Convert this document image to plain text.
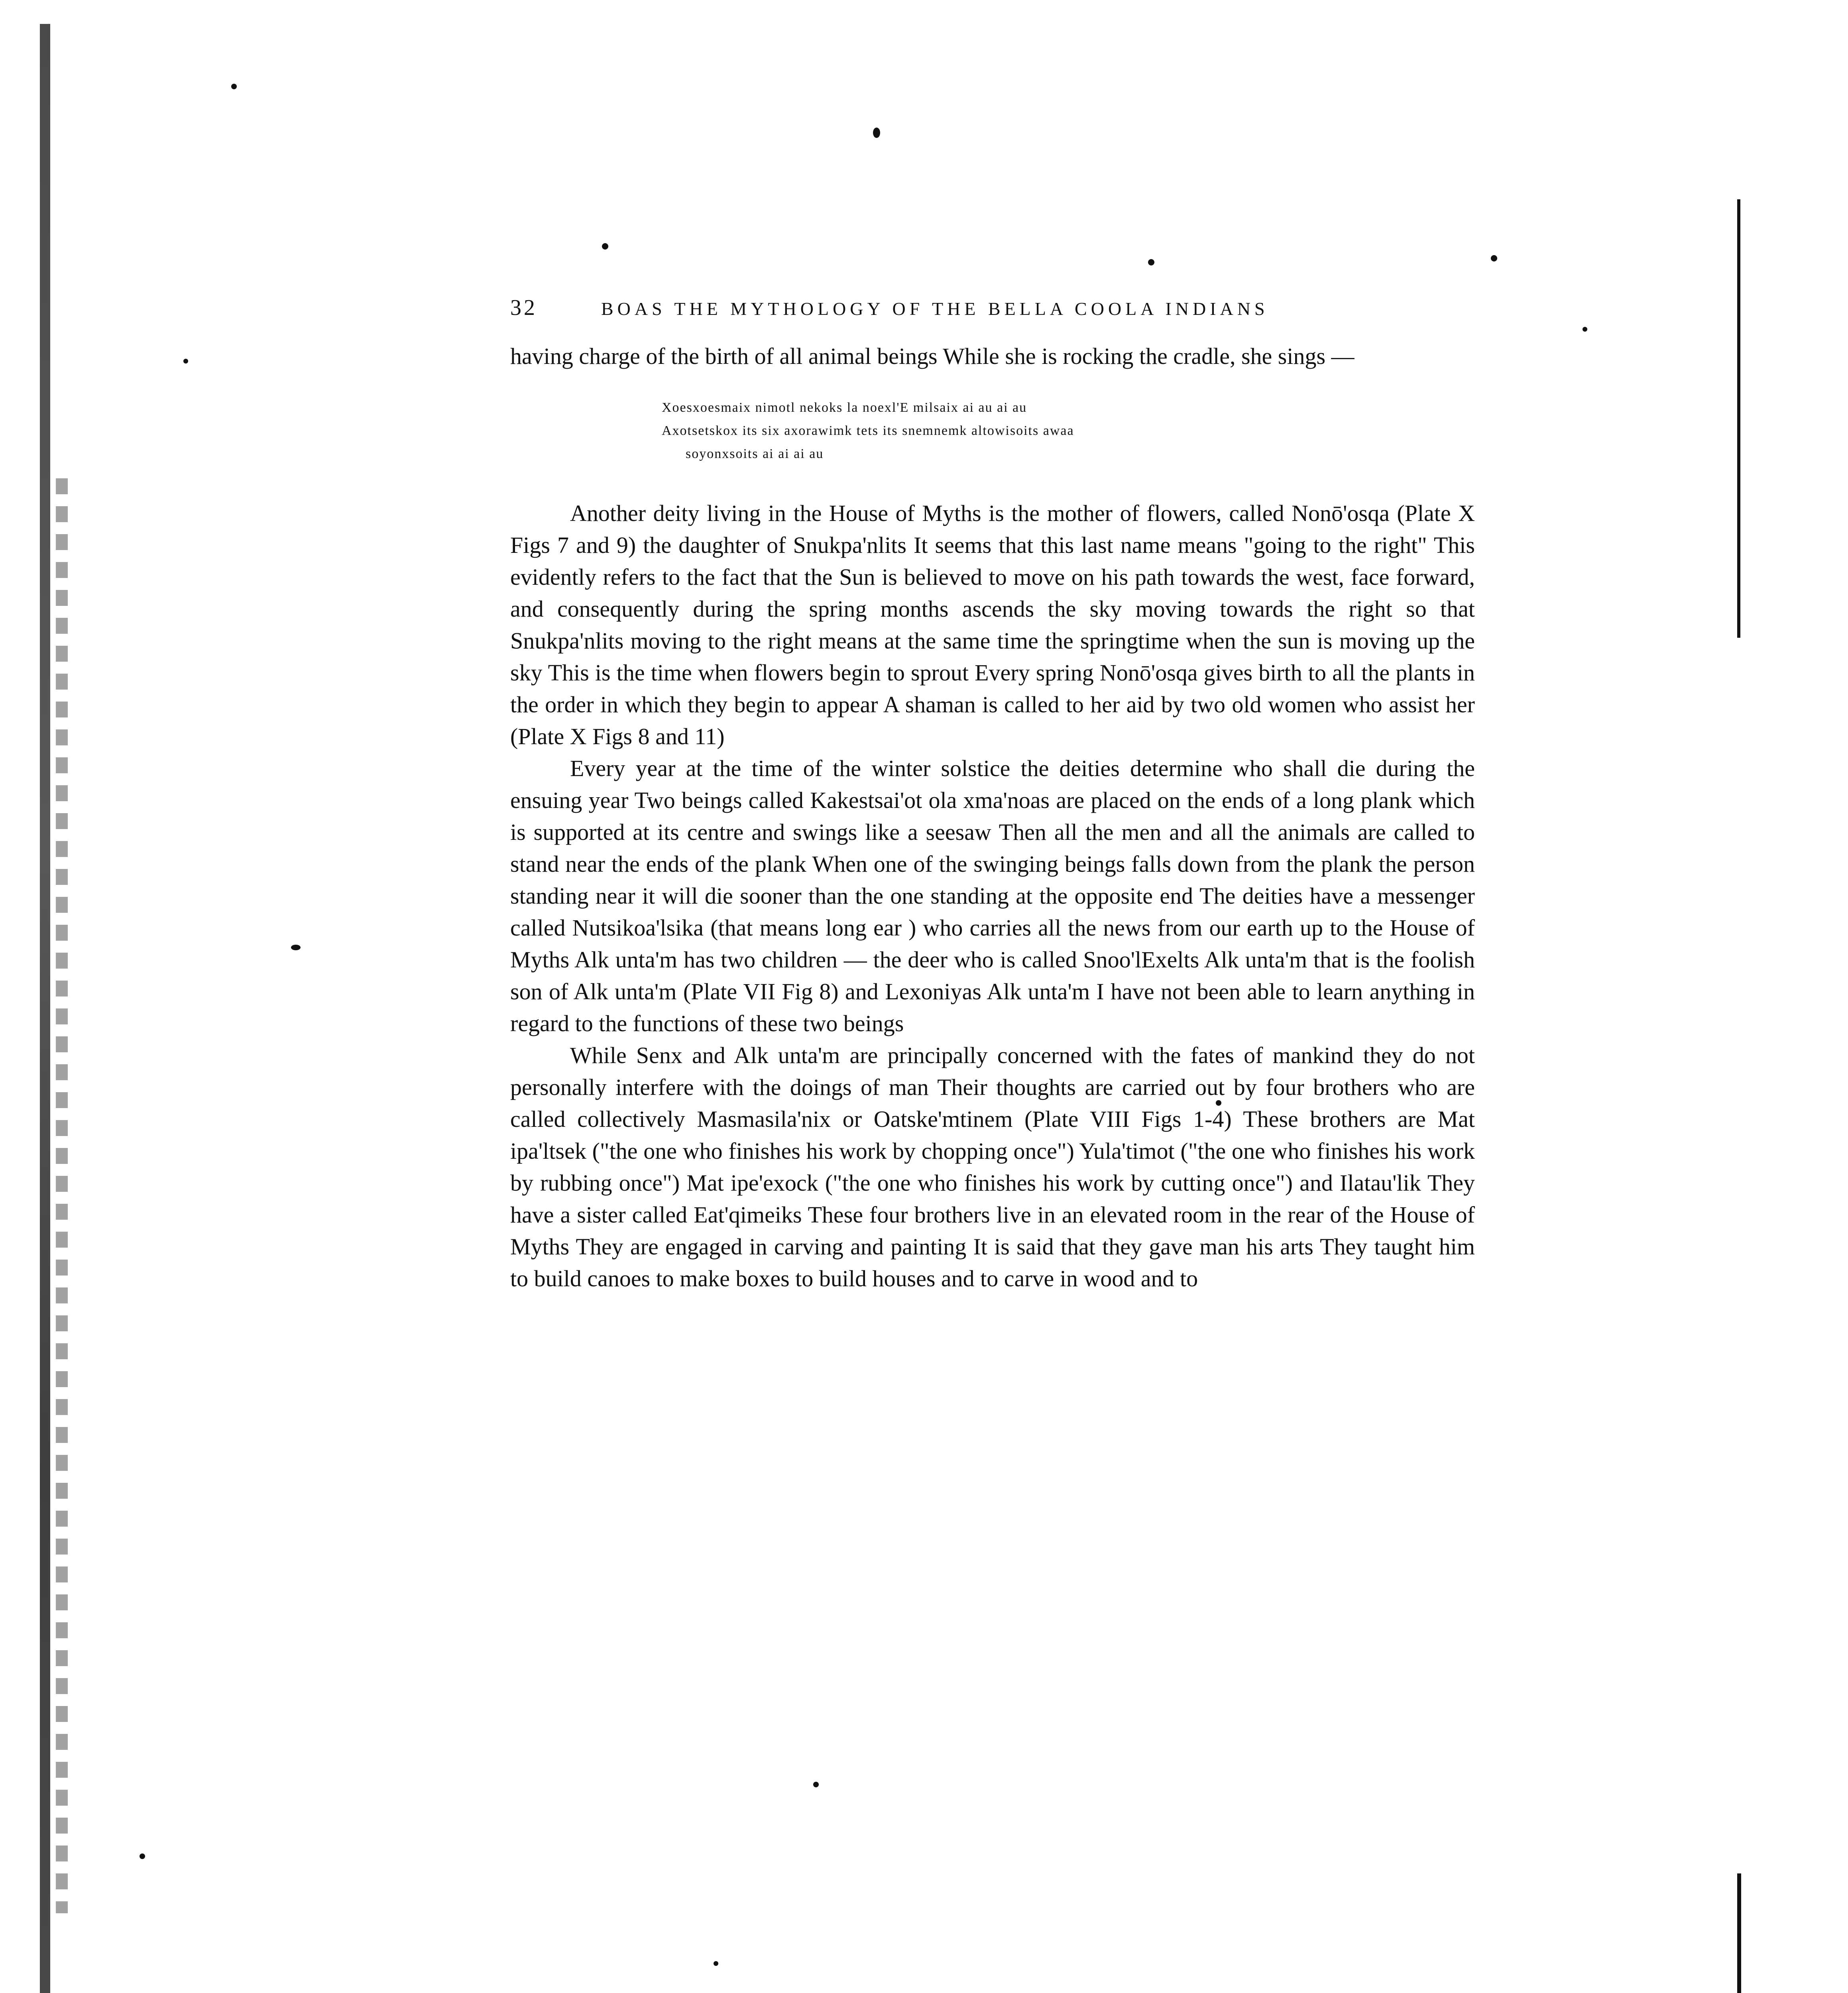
32	BOAS THE MYTHOLOGY OF THE BELLA COOLA INDIANS

having charge of the birth of all animal beings While she is rocking the cradle, she sings —

Xoesxoesmaix nimotl nekoks la noexl'E milsaix ai au ai au
Axotsetskox its six axorawimk tets its snemnemk altowisoits awaa
soyonxsoits ai ai ai au

Another deity living in the House of Myths is the mother of flowers, called Nonō'osqa (Plate X Figs 7 and 9) the daughter of Snukpa'nlits It seems that this last name means "going to the right" This evidently refers to the fact that the Sun is believed to move on his path towards the west, face forward, and consequently during the spring months ascends the sky moving towards the right so that Snukpa'nlits moving to the right means at the same time the springtime when the sun is moving up the sky This is the time when flowers begin to sprout Every spring Nonō'osqa gives birth to all the plants in the order in which they begin to appear A shaman is called to her aid by two old women who assist her (Plate X Figs 8 and 11)

Every year at the time of the winter solstice the deities determine who shall die during the ensuing year Two beings called Kakestsai'ot ola xma'noas are placed on the ends of a long plank which is supported at its centre and swings like a seesaw Then all the men and all the animals are called to stand near the ends of the plank When one of the swinging beings falls down from the plank the person standing near it will die sooner than the one standing at the opposite end The deities have a messenger called Nutsikoa'lsika (that means long ear ) who carries all the news from our earth up to the House of Myths Alk unta'm has two children — the deer who is called Snoo'lExelts Alk unta'm that is the foolish son of Alk unta'm (Plate VII Fig 8) and Lexoniyas Alk unta'm I have not been able to learn anything in regard to the functions of these two beings

While Senx and Alk unta'm are principally concerned with the fates of mankind they do not personally interfere with the doings of man Their thoughts are carried out by four brothers who are called collectively Masmasila'nix or Oatske'mtinem (Plate VIII Figs 1-4) These brothers are Mat ipa'ltsek ("the one who finishes his work by chopping once") Yula'timot ("the one who finishes his work by rubbing once") Mat ipe'exock ("the one who finishes his work by cutting once") and Ilatau'lik They have a sister called Eat'qimeiks These four brothers live in an elevated room in the rear of the House of Myths They are engaged in carving and painting It is said that they gave man his arts They taught him to build canoes to make boxes to build houses and to carve in wood and to
